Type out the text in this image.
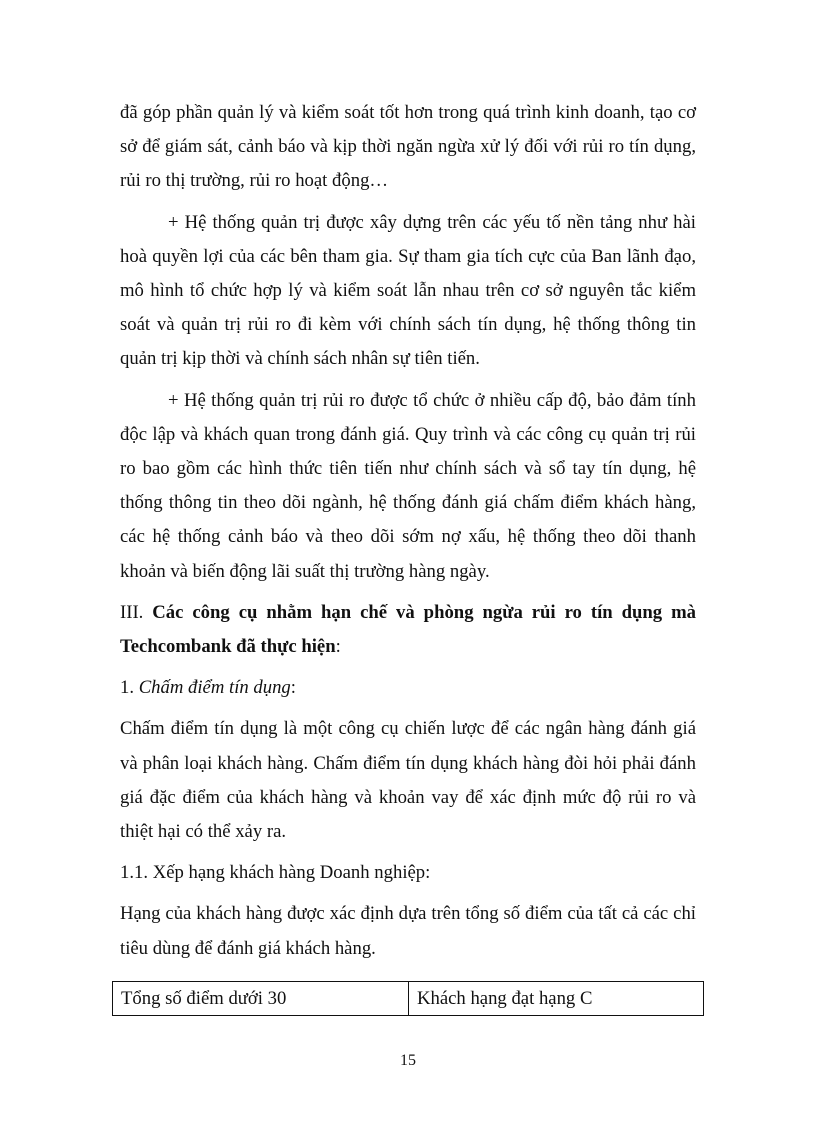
đã góp phần quản lý và kiểm soát tốt hơn trong quá trình kinh doanh, tạo cơ sở để giám sát, cảnh báo và kịp thời ngăn ngừa xử lý đối với rủi ro tín dụng, rủi ro thị trường, rủi ro hoạt động…

+ Hệ thống quản trị được xây dựng trên các yếu tố nền tảng như hài hoà quyền lợi của các bên tham gia. Sự tham gia tích cực của Ban lãnh đạo, mô hình tổ chức hợp lý và kiểm soát lẫn nhau trên cơ sở nguyên tắc kiểm soát và quản trị rủi ro đi kèm với chính sách tín dụng, hệ thống thông tin quản trị kịp thời và chính sách nhân sự tiên tiến.

+ Hệ thống quản trị rủi ro được tổ chức ở nhiều cấp độ, bảo đảm tính độc lập và khách quan trong đánh giá. Quy trình và các công cụ quản trị rủi ro bao gồm các hình thức tiên tiến như chính sách và sổ tay tín dụng, hệ thống thông tin theo dõi ngành, hệ thống đánh giá chấm điểm khách hàng, các hệ thống cảnh báo và theo dõi sớm nợ xấu, hệ thống theo dõi thanh khoản và biến động lãi suất thị trường hàng ngày.

III. Các công cụ nhằm hạn chế và phòng ngừa rủi ro tín dụng mà Techcombank đã thực hiện:

1. Chấm điểm tín dụng:

Chấm điểm tín dụng là một công cụ chiến lược để các ngân hàng đánh giá và phân loại khách hàng. Chấm điểm tín dụng khách hàng đòi hỏi phải đánh giá đặc điểm của khách hàng và khoản vay để xác định mức độ rủi ro và thiệt hại có thể xảy ra.

1.1. Xếp hạng khách hàng Doanh nghiệp:

Hạng của khách hàng được xác định dựa trên tổng số điểm của tất cả các chỉ tiêu dùng để đánh giá khách hàng.

Tổng số điểm dưới 30	Khách hạng đạt hạng C
15
